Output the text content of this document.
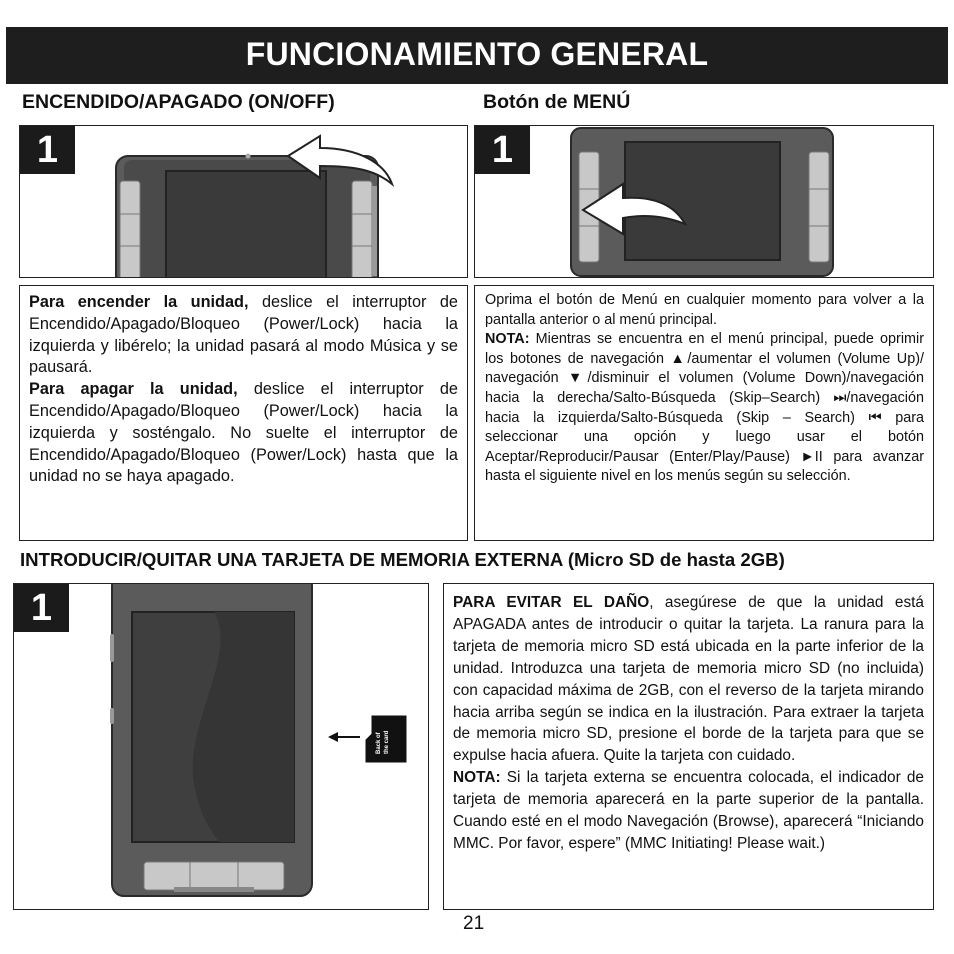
FUNCIONAMIENTO GENERAL
ENCENDIDO/APAGADO (ON/OFF)	Botón de MENÚ
1	1
Para encender la unidad, deslice el interruptor de Encendido/Apagado/Bloqueo (Power/Lock) hacia la izquierda y libérelo; la unidad pasará al modo Música y se pausará.
Para apagar la unidad, deslice el interruptor de Encendido/Apagado/Bloqueo (Power/Lock) hacia la izquierda y sosténgalo. No suelte el interruptor de Encendido/Apagado/Bloqueo (Power/Lock) hasta que la unidad no se haya apagado.
Oprima el botón de Menú en cualquier momento para volver a la pantalla anterior o al menú principal.
NOTA: Mientras se encuentra en el menú principal, puede oprimir los botones de navegación ▲/aumentar el volumen (Volume Up)/ navegación ▼/disminuir el volumen (Volume Down)/navegación hacia la derecha/Salto-Búsqueda (Skip–Search) ⏭/navegación hacia la izquierda/Salto-Búsqueda (Skip – Search) ⏮ para seleccionar una opción y luego usar el botón Aceptar/Reproducir/Pausar (Enter/Play/Pause) ►II para avanzar hasta el siguiente nivel en los menús según su selección.
INTRODUCIR/QUITAR UNA TARJETA DE MEMORIA EXTERNA (Micro SD de hasta 2GB)
1
Back of the card
PARA EVITAR EL DAÑO, asegúrese de que la unidad está APAGADA antes de introducir o quitar la tarjeta. La ranura para la tarjeta de memoria micro SD está ubicada en la parte inferior de la unidad. Introduzca una tarjeta de memoria micro SD (no incluida) con capacidad máxima de 2GB, con el reverso de la tarjeta mirando hacia arriba según se indica en la ilustración. Para extraer la tarjeta de memoria micro SD, presione el borde de la tarjeta para que se expulse hacia afuera. Quite la tarjeta con cuidado.
NOTA: Si la tarjeta externa se encuentra colocada, el indicador de tarjeta de memoria aparecerá en la parte superior de la pantalla. Cuando esté en el modo Navegación (Browse), aparecerá “Iniciando MMC. Por favor, espere” (MMC Initiating! Please wait.)
21
